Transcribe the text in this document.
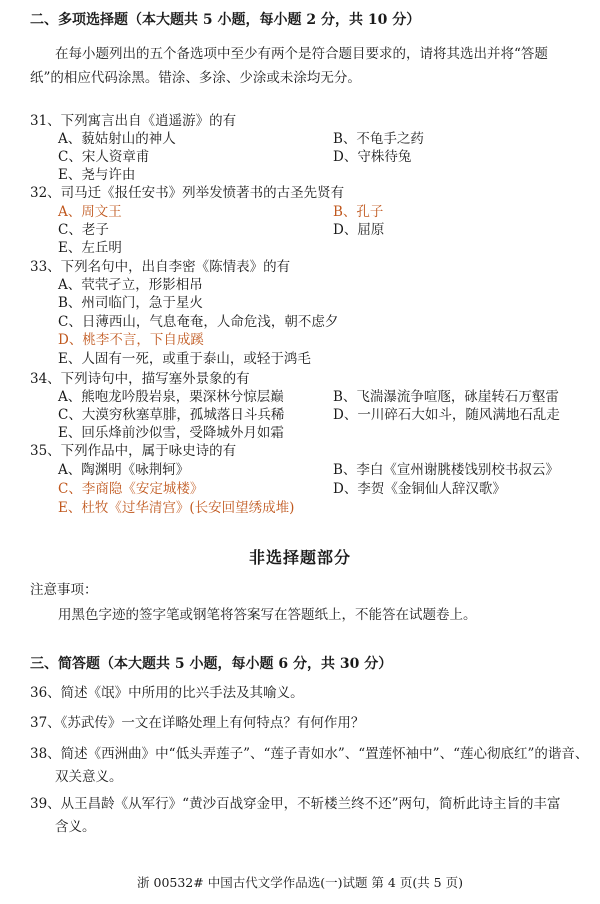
二、多项选择题（本大题共 5 小题，每小题 2 分，共 10 分）
在每小题列出的五个备选项中至少有两个是符合题目要求的，请将其选出并将“答题
纸”的相应代码涂黑。错涂、多涂、少涂或未涂均无分。
31、下列寓言出自《逍遥游》的有
A、藐姑射山的神人	B、不龟手之药
C、宋人资章甫	D、守株待兔
E、尧与许由
32、司马迁《报任安书》列举发愤著书的古圣先贤有
A、周文王	B、孔子
C、老子	D、屈原
E、左丘明
33、下列名句中，出自李密《陈情表》的有
A、茕茕孑立，形影相吊
B、州司临门，急于星火
C、日薄西山，气息奄奄，人命危浅，朝不虑夕
D、桃李不言，下自成蹊
E、人固有一死，或重于泰山，或轻于鸿毛
34、下列诗句中，描写塞外景象的有
A、熊咆龙吟殷岩泉，栗深林兮惊层巅	B、飞湍瀑流争喧豗，砯崖转石万壑雷
C、大漠穷秋塞草腓，孤城落日斗兵稀	D、一川碎石大如斗，随风满地石乱走
E、回乐烽前沙似雪，受降城外月如霜
35、下列作品中，属于咏史诗的有
A、陶渊明《咏荆轲》	B、李白《宣州谢朓楼饯别校书叔云》
C、李商隐《安定城楼》	D、李贺《金铜仙人辞汉歌》
E、杜牧《过华清宫》(长安回望绣成堆)
非选择题部分
注意事项：
用黑色字迹的签字笔或钢笔将答案写在答题纸上，不能答在试题卷上。
三、简答题（本大题共 5 小题，每小题 6 分，共 30 分）
36、简述《氓》中所用的比兴手法及其喻义。
37、《苏武传》一文在详略处理上有何特点？有何作用？
38、简述《西洲曲》中“低头弄莲子”、“莲子青如水”、“置莲怀袖中”、“莲心彻底红”的谐音、
双关意义。
39、从王昌龄《从军行》“黄沙百战穿金甲，不斩楼兰终不还”两句，简析此诗主旨的丰富
含义。
浙 00532# 中国古代文学作品选(一)试题 第 4 页(共 5 页)
